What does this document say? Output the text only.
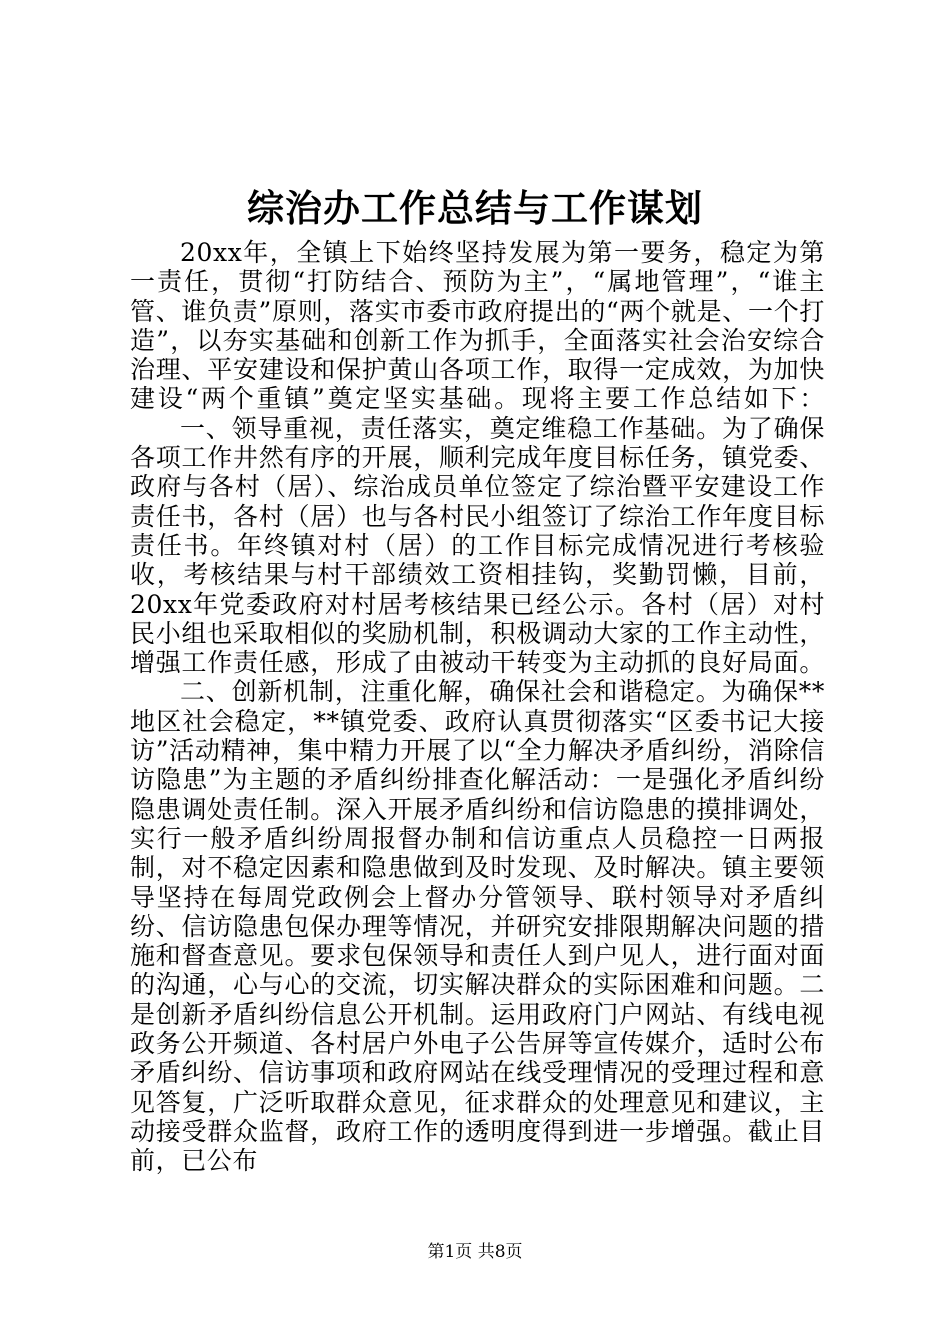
综治办工作总结与工作谋划

20xx年，全镇上下始终坚持发展为第一要务，稳定为第一责任，贯彻“打防结合、预防为主”，“属地管理”，“谁主管、谁负责”原则，落实市委市政府提出的“两个就是、一个打造”，以夯实基础和创新工作为抓手，全面落实社会治安综合治理、平安建设和保护黄山各项工作，取得一定成效，为加快建设“两个重镇”奠定坚实基础。现将主要工作总结如下：

一、领导重视，责任落实，奠定维稳工作基础。为了确保各项工作井然有序的开展，顺利完成年度目标任务，镇党委、政府与各村（居）、综治成员单位签定了综治暨平安建设工作责任书，各村（居）也与各村民小组签订了综治工作年度目标责任书。年终镇对村（居）的工作目标完成情况进行考核验收，考核结果与村干部绩效工资相挂钩，奖勤罚懒，目前，20xx年党委政府对村居考核结果已经公示。各村（居）对村民小组也采取相似的奖励机制，积极调动大家的工作主动性，增强工作责任感，形成了由被动干转变为主动抓的良好局面。

二、创新机制，注重化解，确保社会和谐稳定。为确保**地区社会稳定，**镇党委、政府认真贯彻落实“区委书记大接访”活动精神，集中精力开展了以“全力解决矛盾纠纷，消除信访隐患”为主题的矛盾纠纷排查化解活动：一是强化矛盾纠纷隐患调处责任制。深入开展矛盾纠纷和信访隐患的摸排调处，实行一般矛盾纠纷周报督办制和信访重点人员稳控一日两报制，对不稳定因素和隐患做到及时发现、及时解决。镇主要领导坚持在每周党政例会上督办分管领导、联村领导对矛盾纠纷、信访隐患包保办理等情况，并研究安排限期解决问题的措施和督查意见。要求包保领导和责任人到户见人，进行面对面的沟通，心与心的交流，切实解决群众的实际困难和问题。二是创新矛盾纠纷信息公开机制。运用政府门户网站、有线电视政务公开频道、各村居户外电子公告屏等宣传媒介，适时公布矛盾纠纷、信访事项和政府网站在线受理情况的受理过程和意见答复，广泛听取群众意见，征求群众的处理意见和建议，主动接受群众监督，政府工作的透明度得到进一步增强。截止目前，已公布

第1页 共8页
